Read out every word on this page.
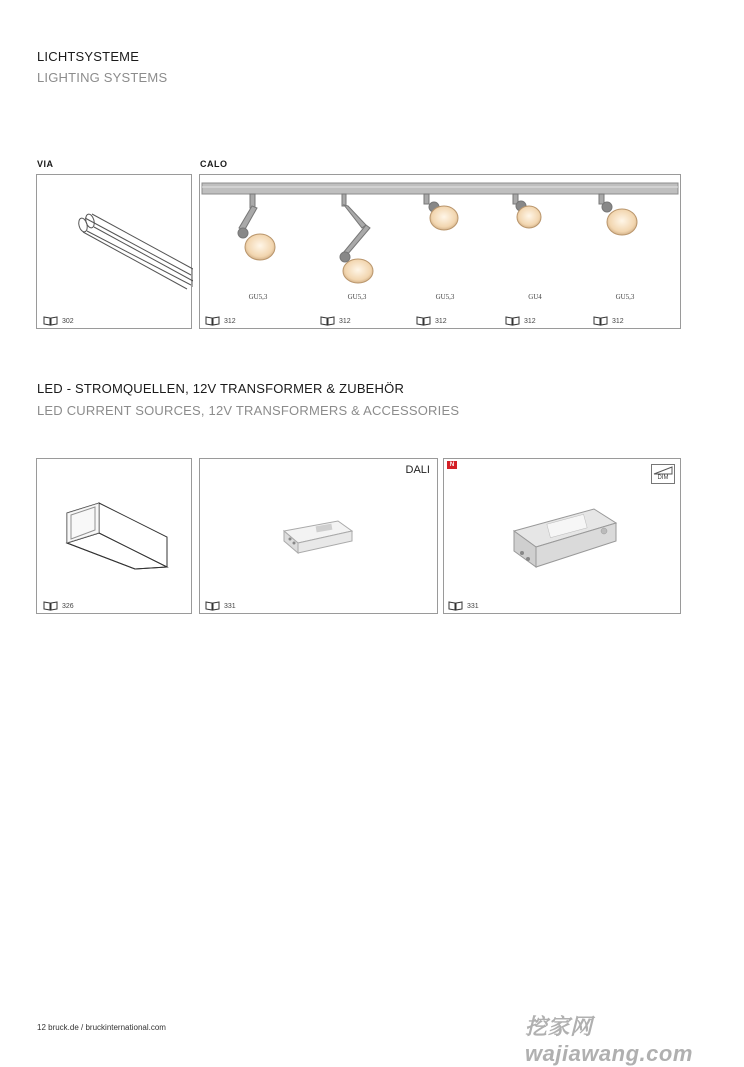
LICHTSYSTEME
LIGHTING SYSTEMS
VIA
302
CALO
GU5,3	GU5,3	GU5,3	GU4	GU5,3
312	312	312	312	312
LED - STROMQUELLEN, 12V TRANSFORMER & ZUBEHÖR
LED CURRENT SOURCES, 12V TRANSFORMERS & ACCESSORIES
326
DALI
331
N
DIM
331
12 bruck.de / bruckinternational.com	挖家网 wajiawang.com
